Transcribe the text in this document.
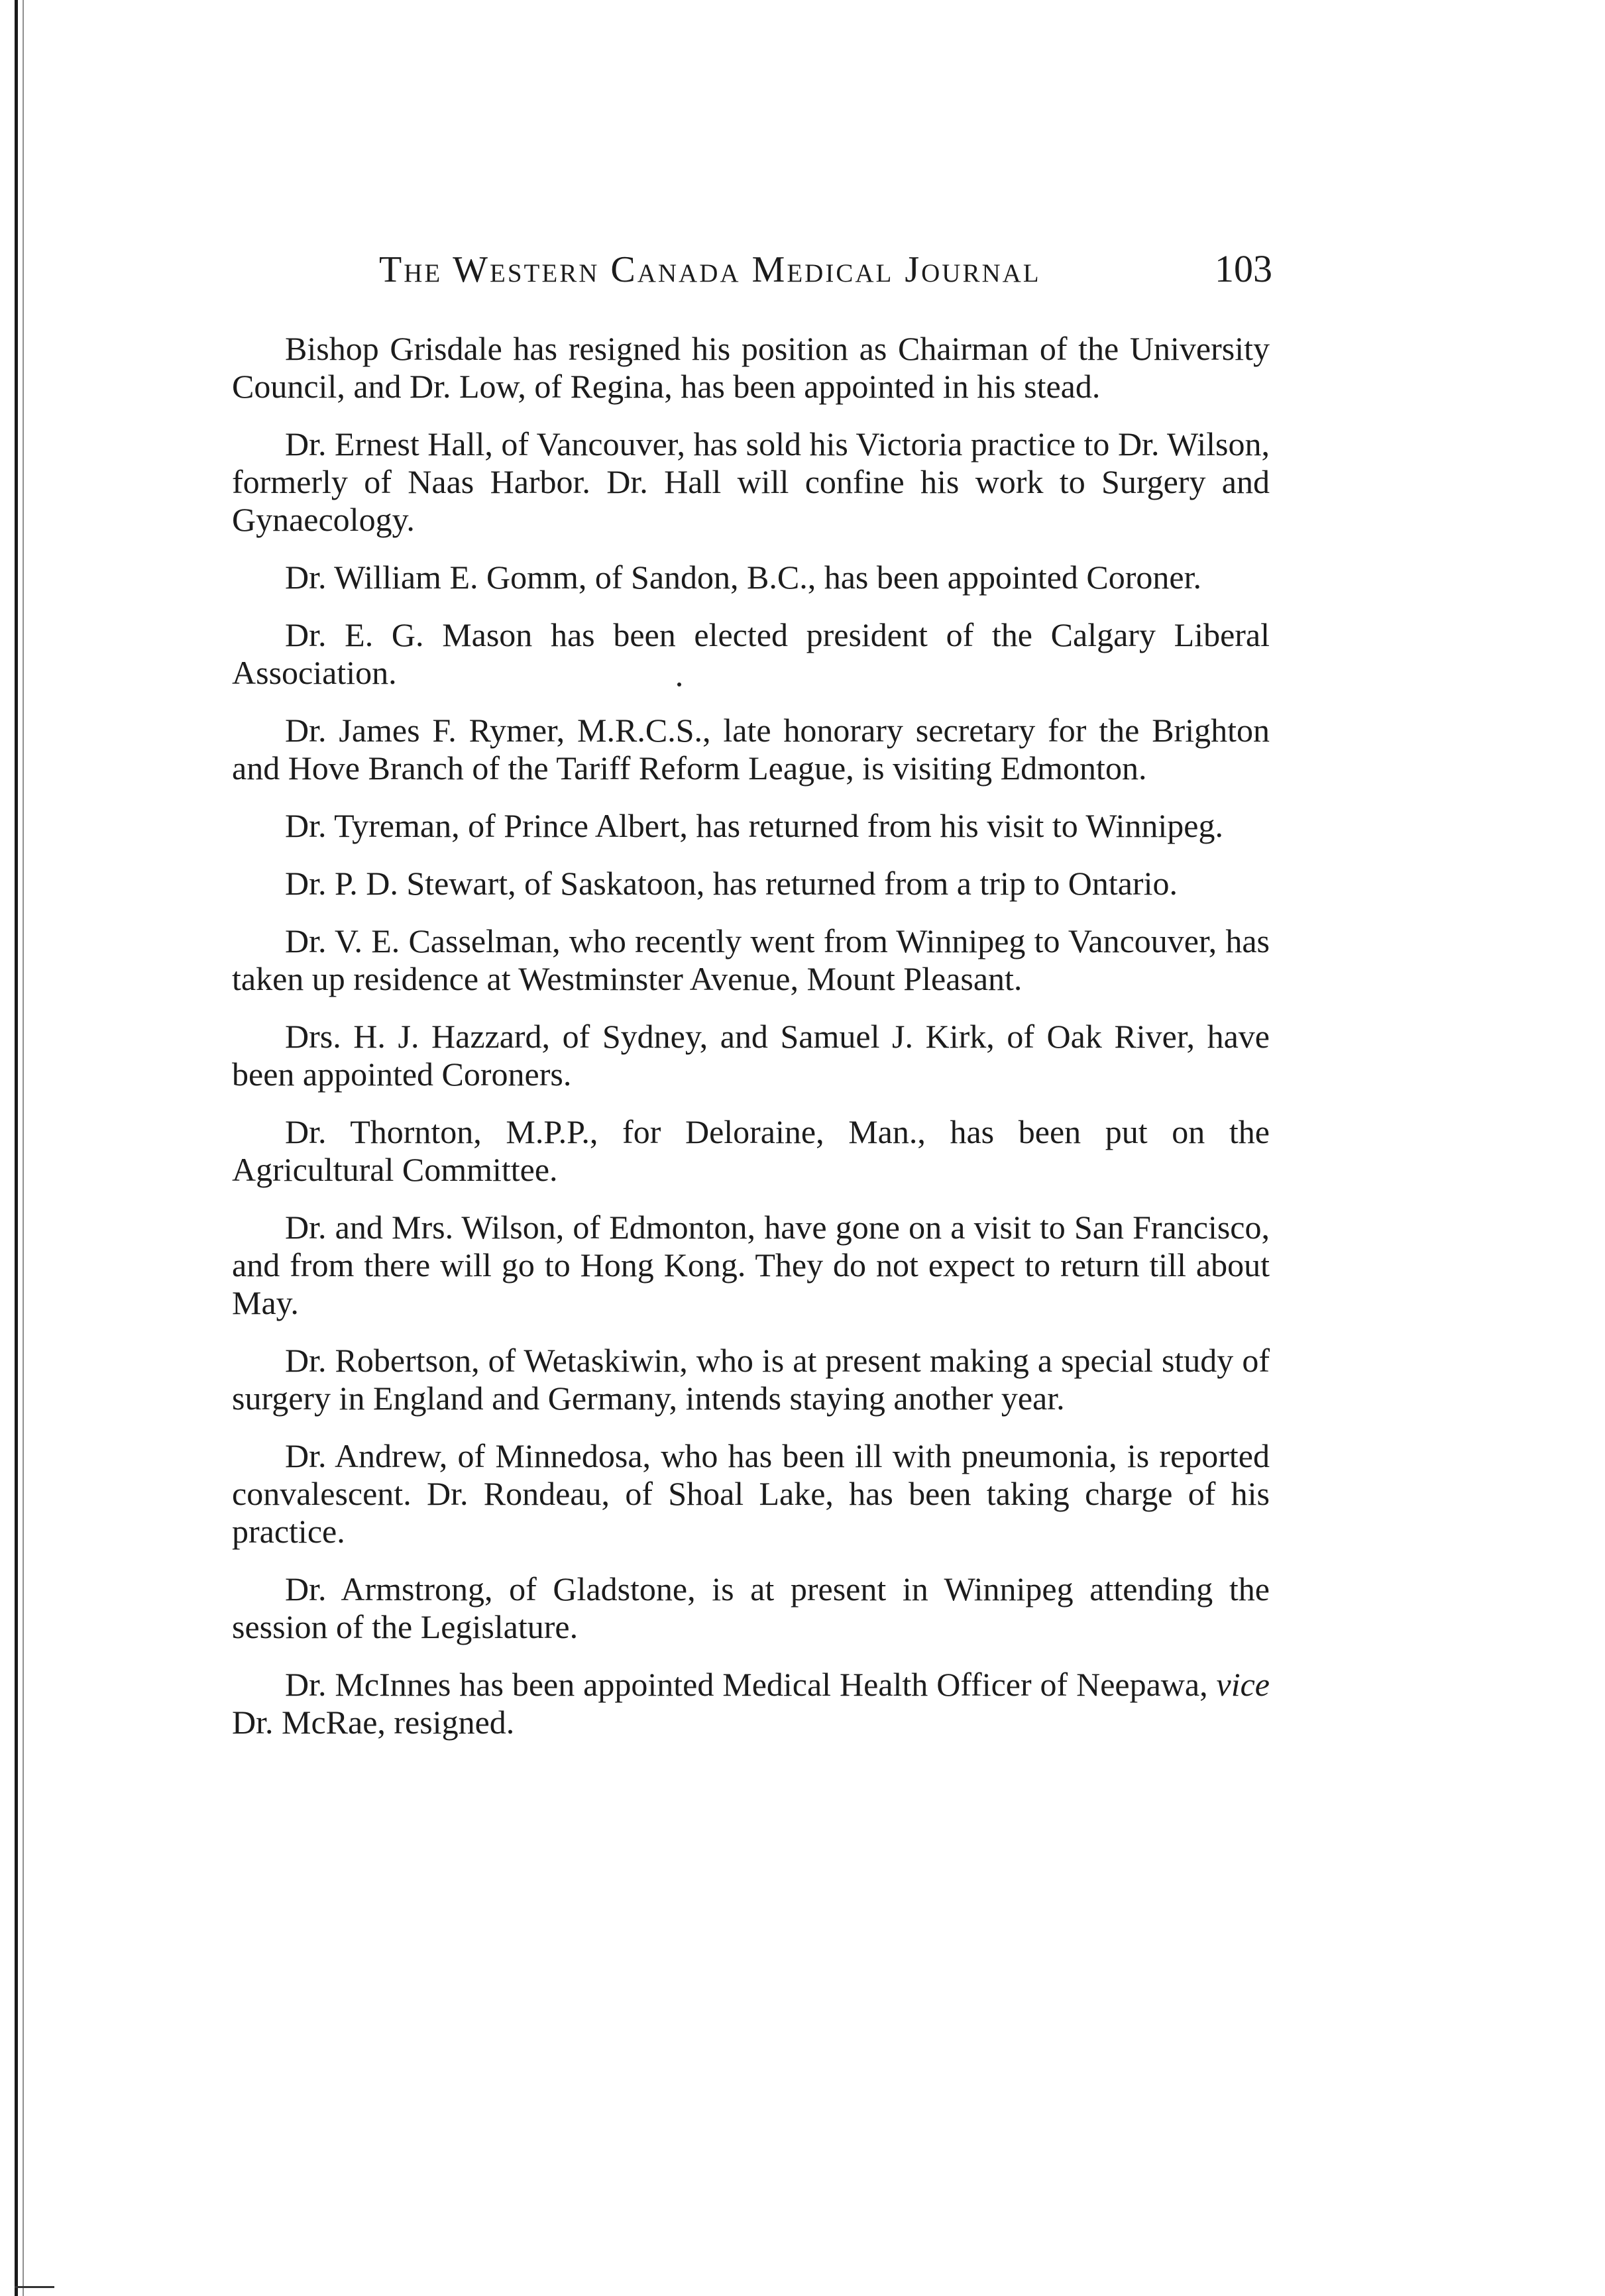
The Western Canada Medical Journal	103

Bishop Grisdale has resigned his position as Chairman of the University Council, and Dr. Low, of Regina, has been appointed in his stead.

Dr. Ernest Hall, of Vancouver, has sold his Victoria practice to Dr. Wilson, formerly of Naas Harbor. Dr. Hall will confine his work to Surgery and Gynaecology.

Dr. William E. Gomm, of Sandon, B.C., has been appointed Coroner.

Dr. E. G. Mason has been elected president of the Calgary Liberal Association.

Dr. James F. Rymer, M.R.C.S., late honorary secretary for the Brighton and Hove Branch of the Tariff Reform League, is visiting Edmonton.

Dr. Tyreman, of Prince Albert, has returned from his visit to Winnipeg.

Dr. P. D. Stewart, of Saskatoon, has returned from a trip to Ontario.

Dr. V. E. Casselman, who recently went from Winnipeg to Vancouver, has taken up residence at Westminster Avenue, Mount Pleasant.

Drs. H. J. Hazzard, of Sydney, and Samuel J. Kirk, of Oak River, have been appointed Coroners.

Dr. Thornton, M.P.P., for Deloraine, Man., has been put on the Agricultural Committee.

Dr. and Mrs. Wilson, of Edmonton, have gone on a visit to San Francisco, and from there will go to Hong Kong. They do not expect to return till about May.

Dr. Robertson, of Wetaskiwin, who is at present making a special study of surgery in England and Germany, intends staying another year.

Dr. Andrew, of Minnedosa, who has been ill with pneumonia, is reported convalescent. Dr. Rondeau, of Shoal Lake, has been taking charge of his practice.

Dr. Armstrong, of Gladstone, is at present in Winnipeg attending the session of the Legislature.

Dr. McInnes has been appointed Medical Health Officer of Neepawa, vice Dr. McRae, resigned.
